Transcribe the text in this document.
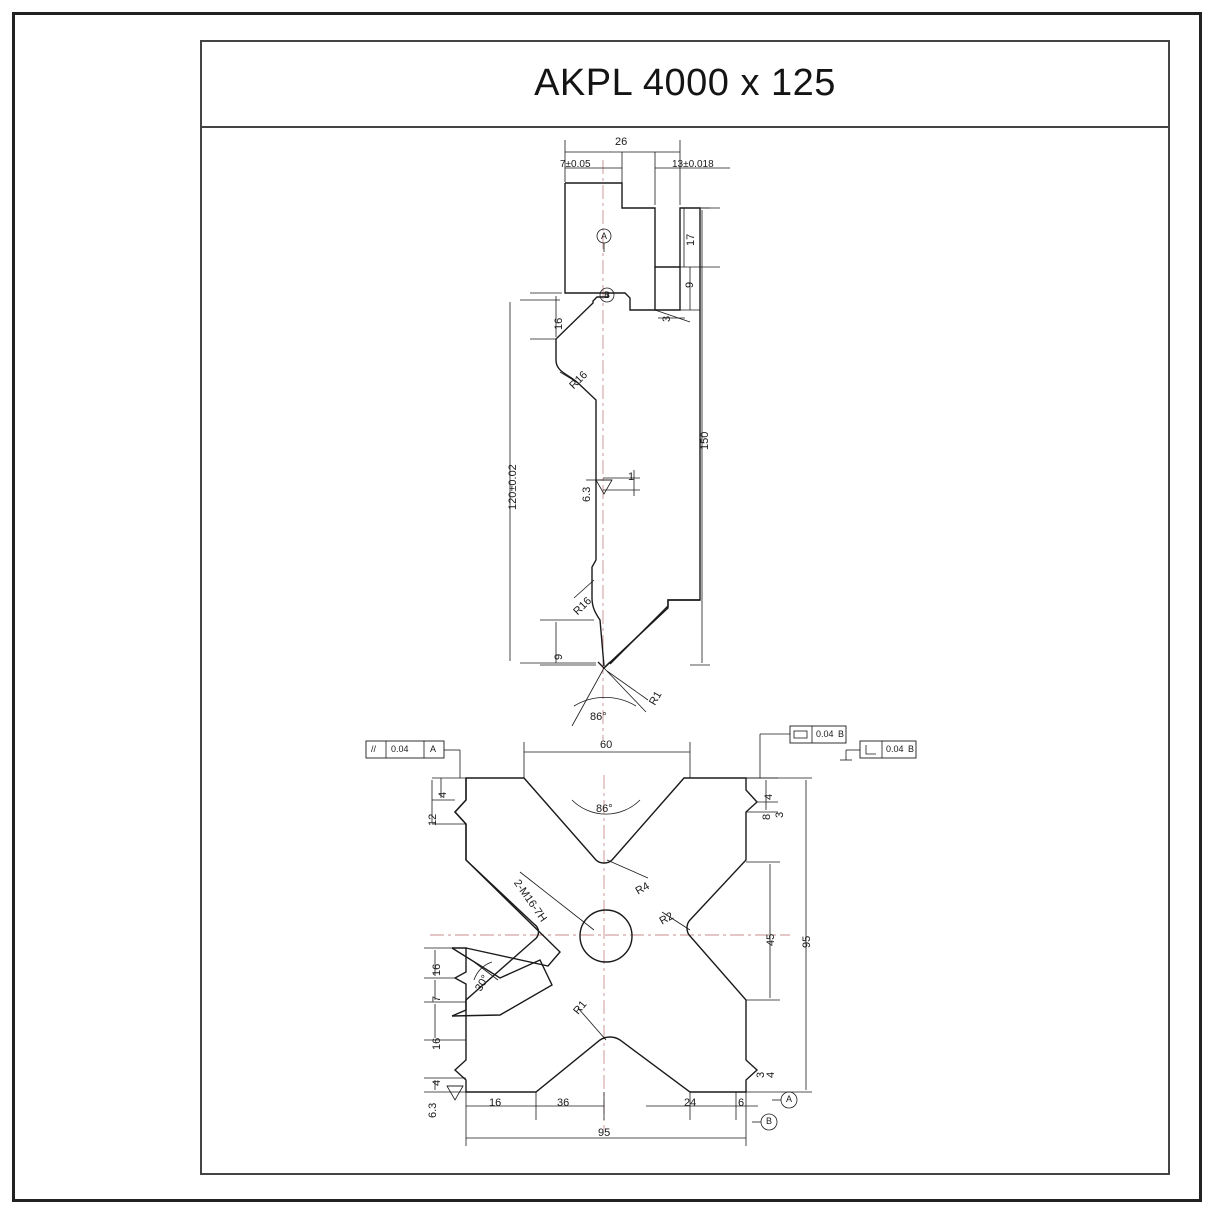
AKPL 4000 x 125
26
7±0.05	13±0.018
17
9
3
16
R16
R16
150
120±0.02
9
6.3
1
86°
R1
A
B
60
86°
R4
R2
R1
2-M16-7H
4
12
4
8 3
45 95
16
7
16
4
30°
6.3	16	36	24	6
3
4
95
A
B
// 0.04 A
0.04 B
0.04 B
